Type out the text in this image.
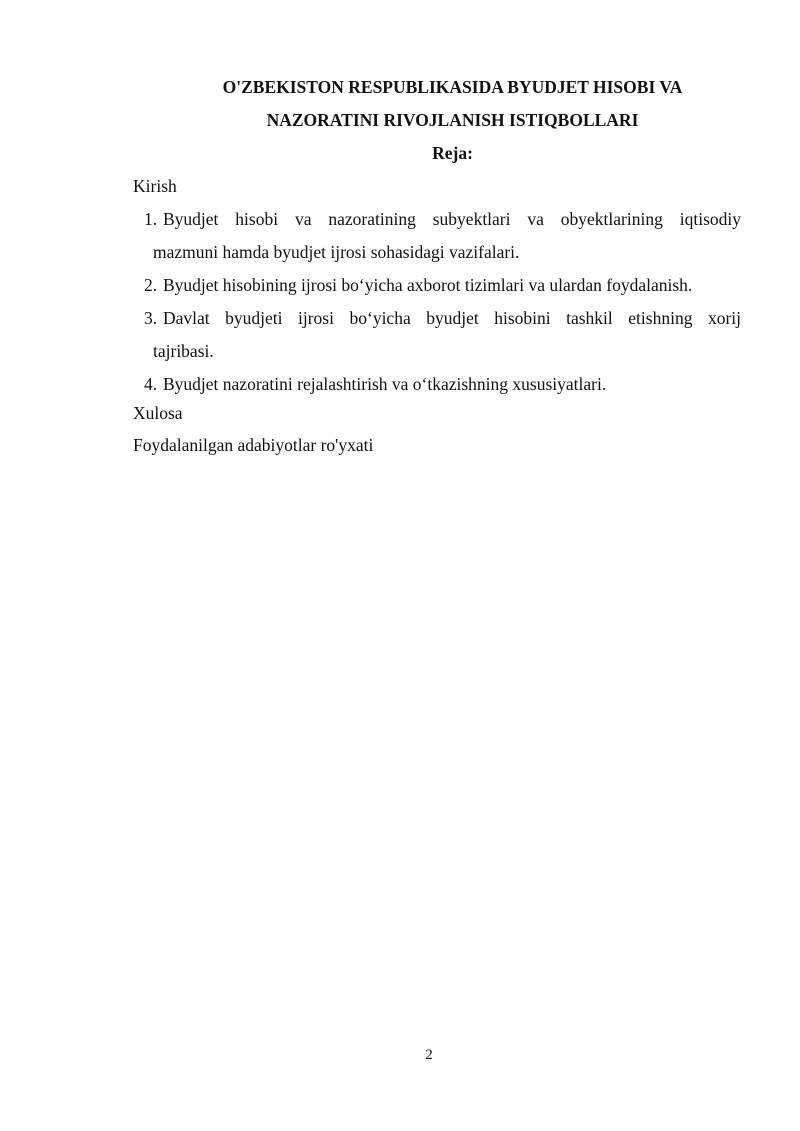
O'ZBEKISTON RESPUBLIKASIDA BYUDJET HISOBI VA
NAZORATINI RIVOJLANISH ISTIQBOLLARI
Reja:
Kirish
1. Byudjet hisobi va nazoratining subyektlari va obyektlarining iqtisodiy
mazmuni hamda byudjet ijrosi sohasidagi vazifalari.
2. Byudjet hisobining ijrosi bo‘yicha axborot tizimlari va ulardan foydalanish.
3. Davlat byudjeti ijrosi bo‘yicha byudjet hisobini tashkil etishning xorij
tajribasi.
4. Byudjet nazoratini rejalashtirish va o‘tkazishning xususiyatlari.
Xulosa
Foydalanilgan adabiyotlar ro'yxati
2
